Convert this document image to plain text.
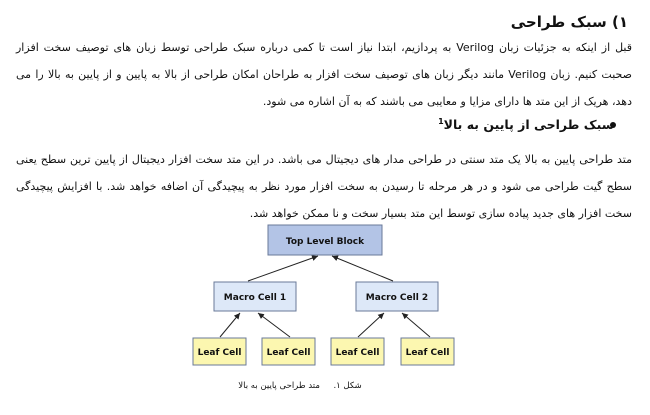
۱) سبک طراحی
قبل از اینکه به جزئیات زبان Verilog به پردازیم، ابتدا نیاز است تا کمی درباره سبک طراحی توسط زبان های توصیف سخت افزار صحبت کنیم. زبان Verilog مانند دیگر زبان های توصیف سخت افزار به طراحان امکان طراحی از بالا به پایین و از پایین به بالا را می دهد، هریک از این متد ها دارای مزایا و معایبی می باشند که به آن اشاره می شود.
سبک طراحی از پایین به بالا$^1$
متد طراحی پایین به بالا یک متد سنتی در طراحی مدار های دیجیتال می باشد. در این متد سخت افزار دیجیتال از پایین ترین سطح یعنی سطح گیت طراحی می شود و در هر مرحله تا رسیدن به سخت افزار مورد نظر به پیچیدگی آن اضافه خواهد شد. با افزایش پیچیدگی سخت افزار های جدید پیاده سازی توسط این متد بسیار سخت و نا ممکن خواهد شد.
Top Level Block
Macro Cell 1	Macro Cell 2
Leaf Cell	Leaf Cell	Leaf Cell	Leaf Cell
شکل ۱.     متد طراحی پایین به بالا
